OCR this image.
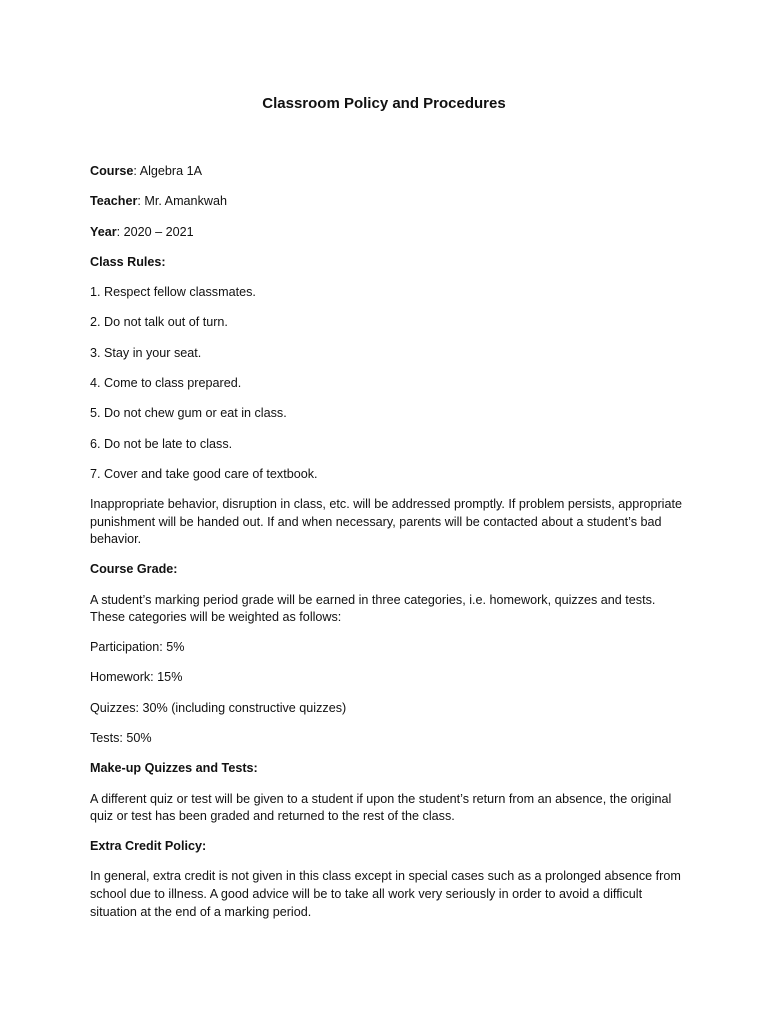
Classroom Policy and Procedures
Course: Algebra 1A
Teacher: Mr. Amankwah
Year: 2020 – 2021
Class Rules:
1. Respect fellow classmates.
2. Do not talk out of turn.
3. Stay in your seat.
4. Come to class prepared.
5. Do not chew gum or eat in class.
6. Do not be late to class.
7. Cover and take good care of textbook.
Inappropriate behavior, disruption in class, etc. will be addressed promptly. If problem persists, appropriate punishment will be handed out. If and when necessary, parents will be contacted about a student’s bad behavior.
Course Grade:
A student’s marking period grade will be earned in three categories, i.e. homework, quizzes and tests. These categories will be weighted as follows:
Participation: 5%
Homework: 15%
Quizzes: 30% (including constructive quizzes)
Tests: 50%
Make-up Quizzes and Tests:
A different quiz or test will be given to a student if upon the student’s return from an absence, the original quiz or test has been graded and returned to the rest of the class.
Extra Credit Policy:
In general, extra credit is not given in this class except in special cases such as a prolonged absence from school due to illness. A good advice will be to take all work very seriously in order to avoid a difficult situation at the end of a marking period.
